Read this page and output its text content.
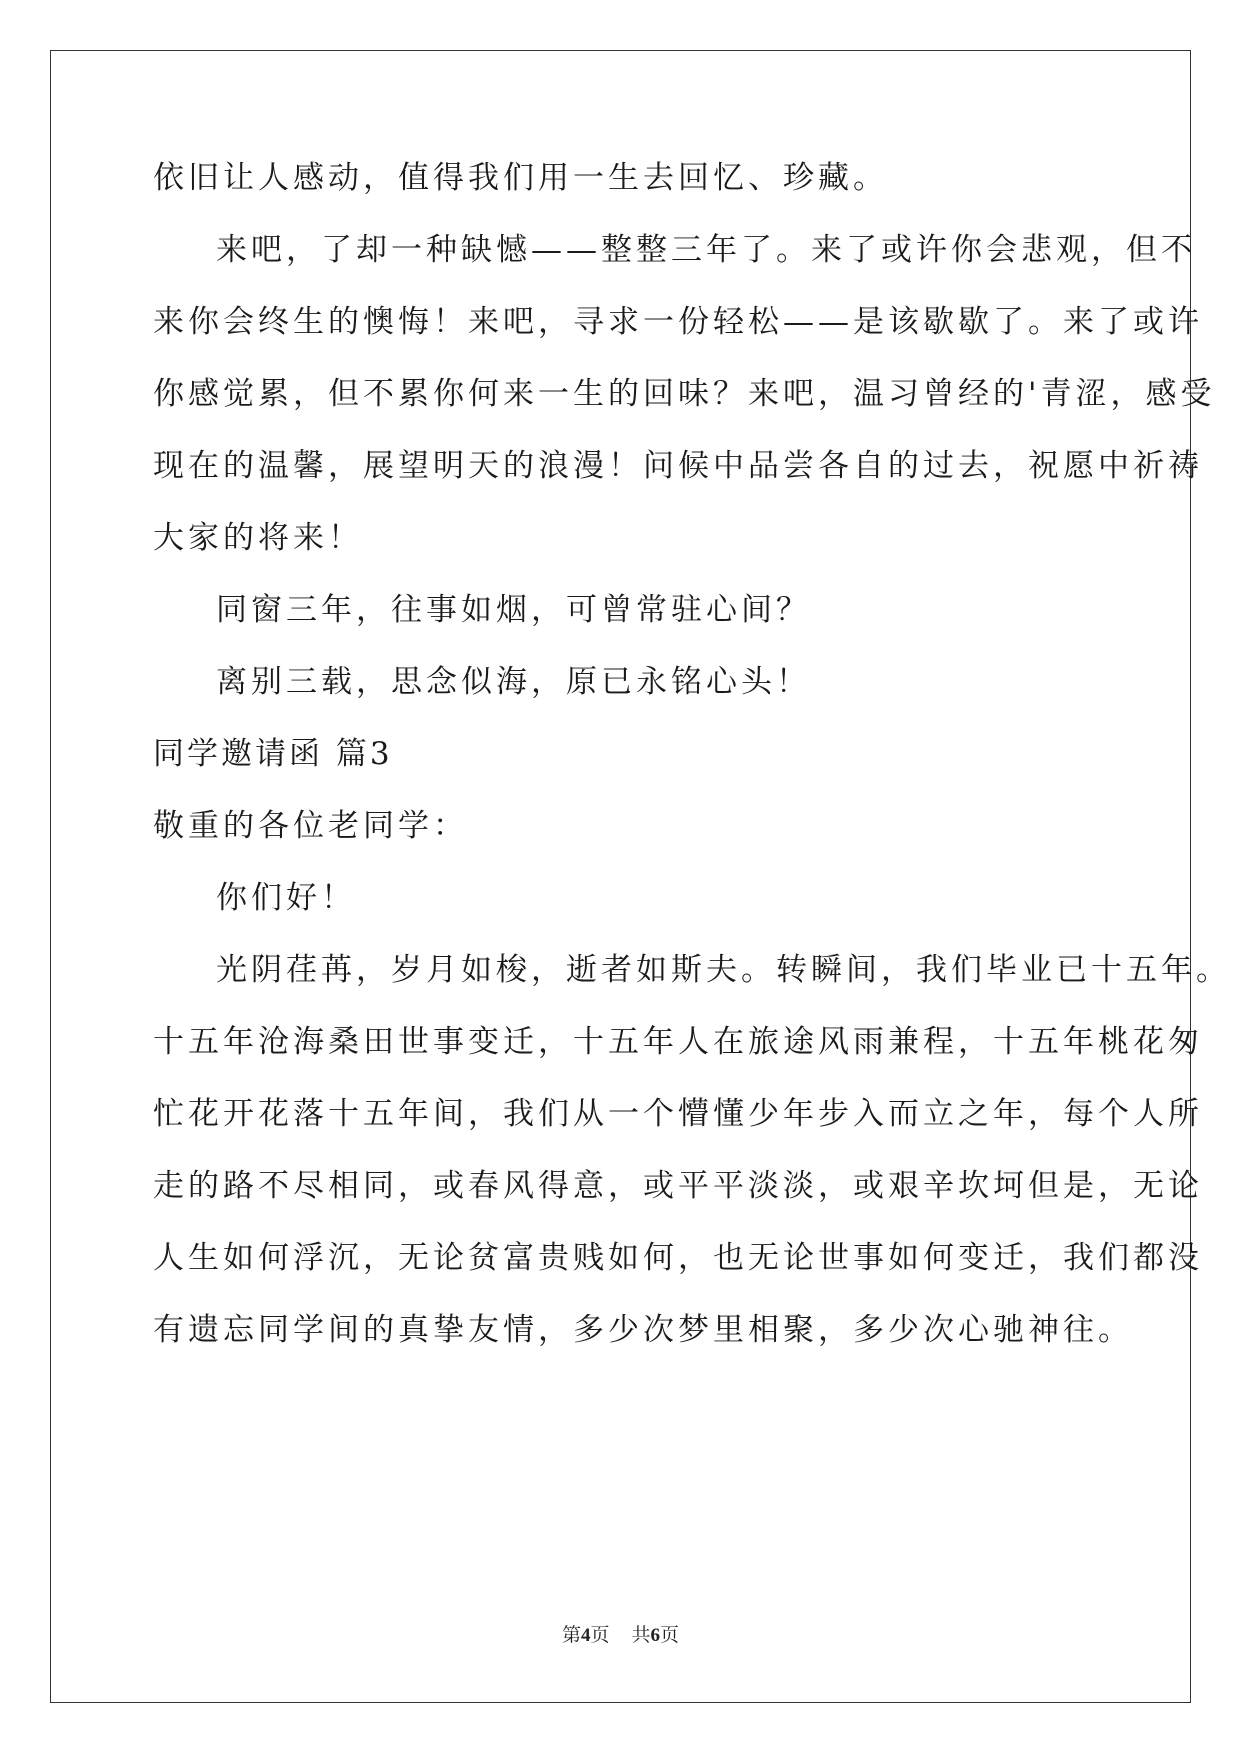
依旧让人感动，值得我们用一生去回忆、珍藏。
来吧，了却一种缺憾——整整三年了。来了或许你会悲观，但不
来你会终生的懊悔！来吧，寻求一份轻松——是该歇歇了。来了或许
你感觉累，但不累你何来一生的回味？来吧，温习曾经的'青涩，感受
现在的温馨，展望明天的浪漫！问候中品尝各自的过去，祝愿中祈祷
大家的将来！
同窗三年，往事如烟，可曾常驻心间？
离别三载，思念似海，原已永铭心头！
同学邀请函 篇3
敬重的各位老同学：
你们好！
光阴荏苒，岁月如梭，逝者如斯夫。转瞬间，我们毕业已十五年。
十五年沧海桑田世事变迁，十五年人在旅途风雨兼程，十五年桃花匆
忙花开花落十五年间，我们从一个懵懂少年步入而立之年，每个人所
走的路不尽相同，或春风得意，或平平淡淡，或艰辛坎坷但是，无论
人生如何浮沉，无论贫富贵贱如何，也无论世事如何变迁，我们都没
有遗忘同学间的真挚友情，多少次梦里相聚，多少次心驰神往。
第4页 共6页
